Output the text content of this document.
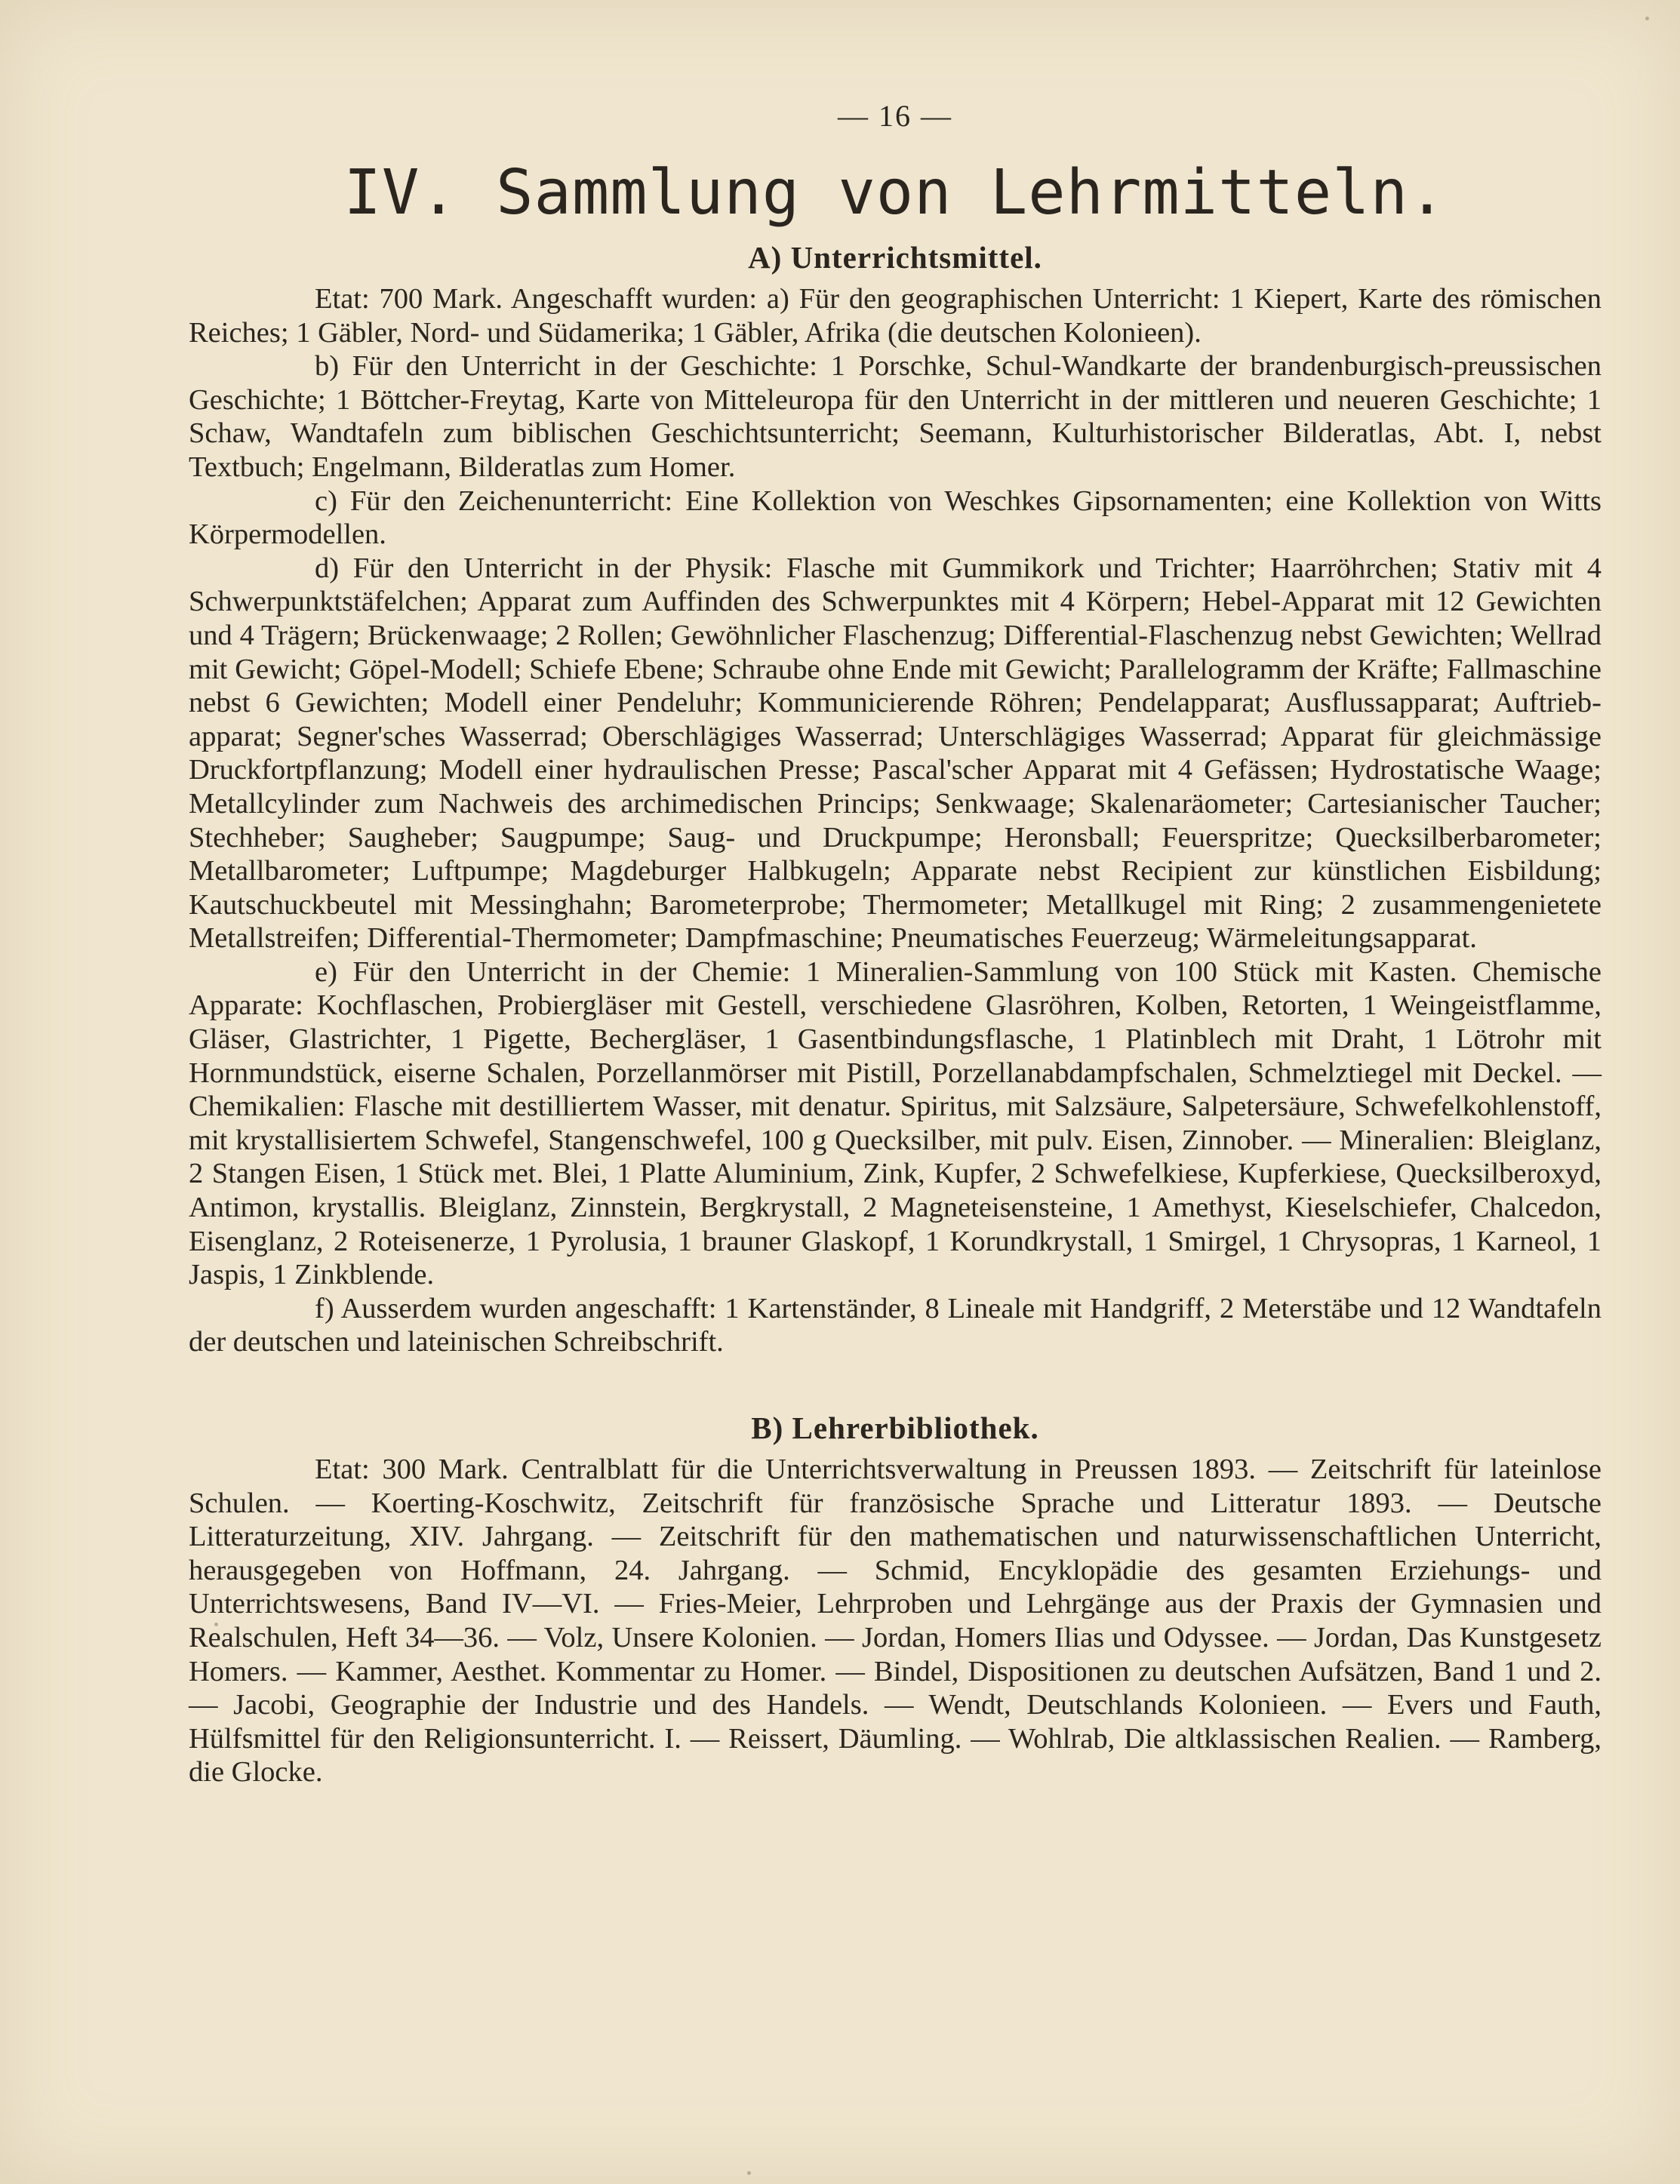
— 16 —
IV. Sammlung von Lehrmitteln.
A) Unterrichtsmittel.

Etat: 700 Mark. Angeschafft wurden: a) Für den geographischen Unterricht: 1 Kiepert, Karte des römischen Reiches; 1 Gäbler, Nord- und Südamerika; 1 Gäbler, Afrika (die deutschen Kolonieen).

b) Für den Unterricht in der Geschichte: 1 Porschke, Schul-Wandkarte der brandenburgisch-preussischen Geschichte; 1 Böttcher-Freytag, Karte von Mitteleuropa für den Unterricht in der mittleren und neueren Geschichte; 1 Schaw, Wandtafeln zum biblischen Geschichtsunterricht; Seemann, Kulturhistorischer Bilderatlas, Abt. I, nebst Textbuch; Engelmann, Bilderatlas zum Homer.

c) Für den Zeichenunterricht: Eine Kollektion von Weschkes Gipsornamenten; eine Kollektion von Witts Körpermodellen.

d) Für den Unterricht in der Physik: Flasche mit Gummikork und Trichter; Haarröhrchen; Stativ mit 4 Schwerpunktstäfelchen; Apparat zum Auffinden des Schwerpunktes mit 4 Körpern; Hebel-Apparat mit 12 Gewichten und 4 Trägern; Brückenwaage; 2 Rollen; Gewöhnlicher Flaschenzug; Differential-Flaschenzug nebst Gewichten; Wellrad mit Gewicht; Göpel-Modell; Schiefe Ebene; Schraube ohne Ende mit Gewicht; Parallelogramm der Kräfte; Fallmaschine nebst 6 Gewichten; Modell einer Pendeluhr; Kommunicierende Röhren; Pendelapparat; Ausflussapparat; Auftriebapparat; Segner'sches Wasserrad; Oberschlägiges Wasserrad; Unterschlägiges Wasserrad; Apparat für gleichmässige Druckfortpflanzung; Modell einer hydraulischen Presse; Pascal'scher Apparat mit 4 Gefässen; Hydrostatische Waage; Metallcylinder zum Nachweis des archimedischen Princips; Senkwaage; Skalenaräometer; Cartesianischer Taucher; Stechheber; Saugheber; Saugpumpe; Saug- und Druckpumpe; Heronsball; Feuerspritze; Quecksilberbarometer; Metallbarometer; Luftpumpe; Magdeburger Halbkugeln; Apparate nebst Recipient zur künstlichen Eisbildung; Kautschuckbeutel mit Messinghahn; Barometerprobe; Thermometer; Metallkugel mit Ring; 2 zusammengenietete Metallstreifen; Differential-Thermometer; Dampfmaschine; Pneumatisches Feuerzeug; Wärmeleitungsapparat.

e) Für den Unterricht in der Chemie: 1 Mineralien-Sammlung von 100 Stück mit Kasten. Chemische Apparate: Kochflaschen, Probiergläser mit Gestell, verschiedene Glasröhren, Kolben, Retorten, 1 Weingeistflamme, Gläser, Glastrichter, 1 Pigette, Bechergläser, 1 Gasentbindungsflasche, 1 Platinblech mit Draht, 1 Lötrohr mit Hornmundstück, eiserne Schalen, Porzellanmörser mit Pistill, Porzellanabdampfschalen, Schmelztiegel mit Deckel. — Chemikalien: Flasche mit destilliertem Wasser, mit denatur. Spiritus, mit Salzsäure, Salpetersäure, Schwefelkohlenstoff, mit krystallisiertem Schwefel, Stangenschwefel, 100 g Quecksilber, mit pulv. Eisen, Zinnober. — Mineralien: Bleiglanz, 2 Stangen Eisen, 1 Stück met. Blei, 1 Platte Aluminium, Zink, Kupfer, 2 Schwefelkiese, Kupferkiese, Quecksilberoxyd, Antimon, krystallis. Bleiglanz, Zinnstein, Bergkrystall, 2 Magneteisensteine, 1 Amethyst, Kieselschiefer, Chalcedon, Eisenglanz, 2 Roteisenerze, 1 Pyrolusia, 1 brauner Glaskopf, 1 Korundkrystall, 1 Smirgel, 1 Chrysopras, 1 Karneol, 1 Jaspis, 1 Zinkblende.

f) Ausserdem wurden angeschafft: 1 Kartenständer, 8 Lineale mit Handgriff, 2 Meterstäbe und 12 Wandtafeln der deutschen und lateinischen Schreibschrift.

B) Lehrerbibliothek.

Etat: 300 Mark. Centralblatt für die Unterrichtsverwaltung in Preussen 1893. — Zeitschrift für lateinlose Schulen. — Koerting-Koschwitz, Zeitschrift für französische Sprache und Litteratur 1893. — Deutsche Litteraturzeitung, XIV. Jahrgang. — Zeitschrift für den mathematischen und naturwissenschaftlichen Unterricht, herausgegeben von Hoffmann, 24. Jahrgang. — Schmid, Encyklopädie des gesamten Erziehungs- und Unterrichtswesens, Band IV—VI. — Fries-Meier, Lehrproben und Lehrgänge aus der Praxis der Gymnasien und Realschulen, Heft 34—36. — Volz, Unsere Kolonien. — Jordan, Homers Ilias und Odyssee. — Jordan, Das Kunstgesetz Homers. — Kammer, Aesthet. Kommentar zu Homer. — Bindel, Dispositionen zu deutschen Aufsätzen, Band 1 und 2. — Jacobi, Geographie der Industrie und des Handels. — Wendt, Deutschlands Kolonieen. — Evers und Fauth, Hülfsmittel für den Religionsunterricht. I. — Reissert, Däumling. — Wohlrab, Die altklassischen Realien. — Ramberg, die Glocke.
